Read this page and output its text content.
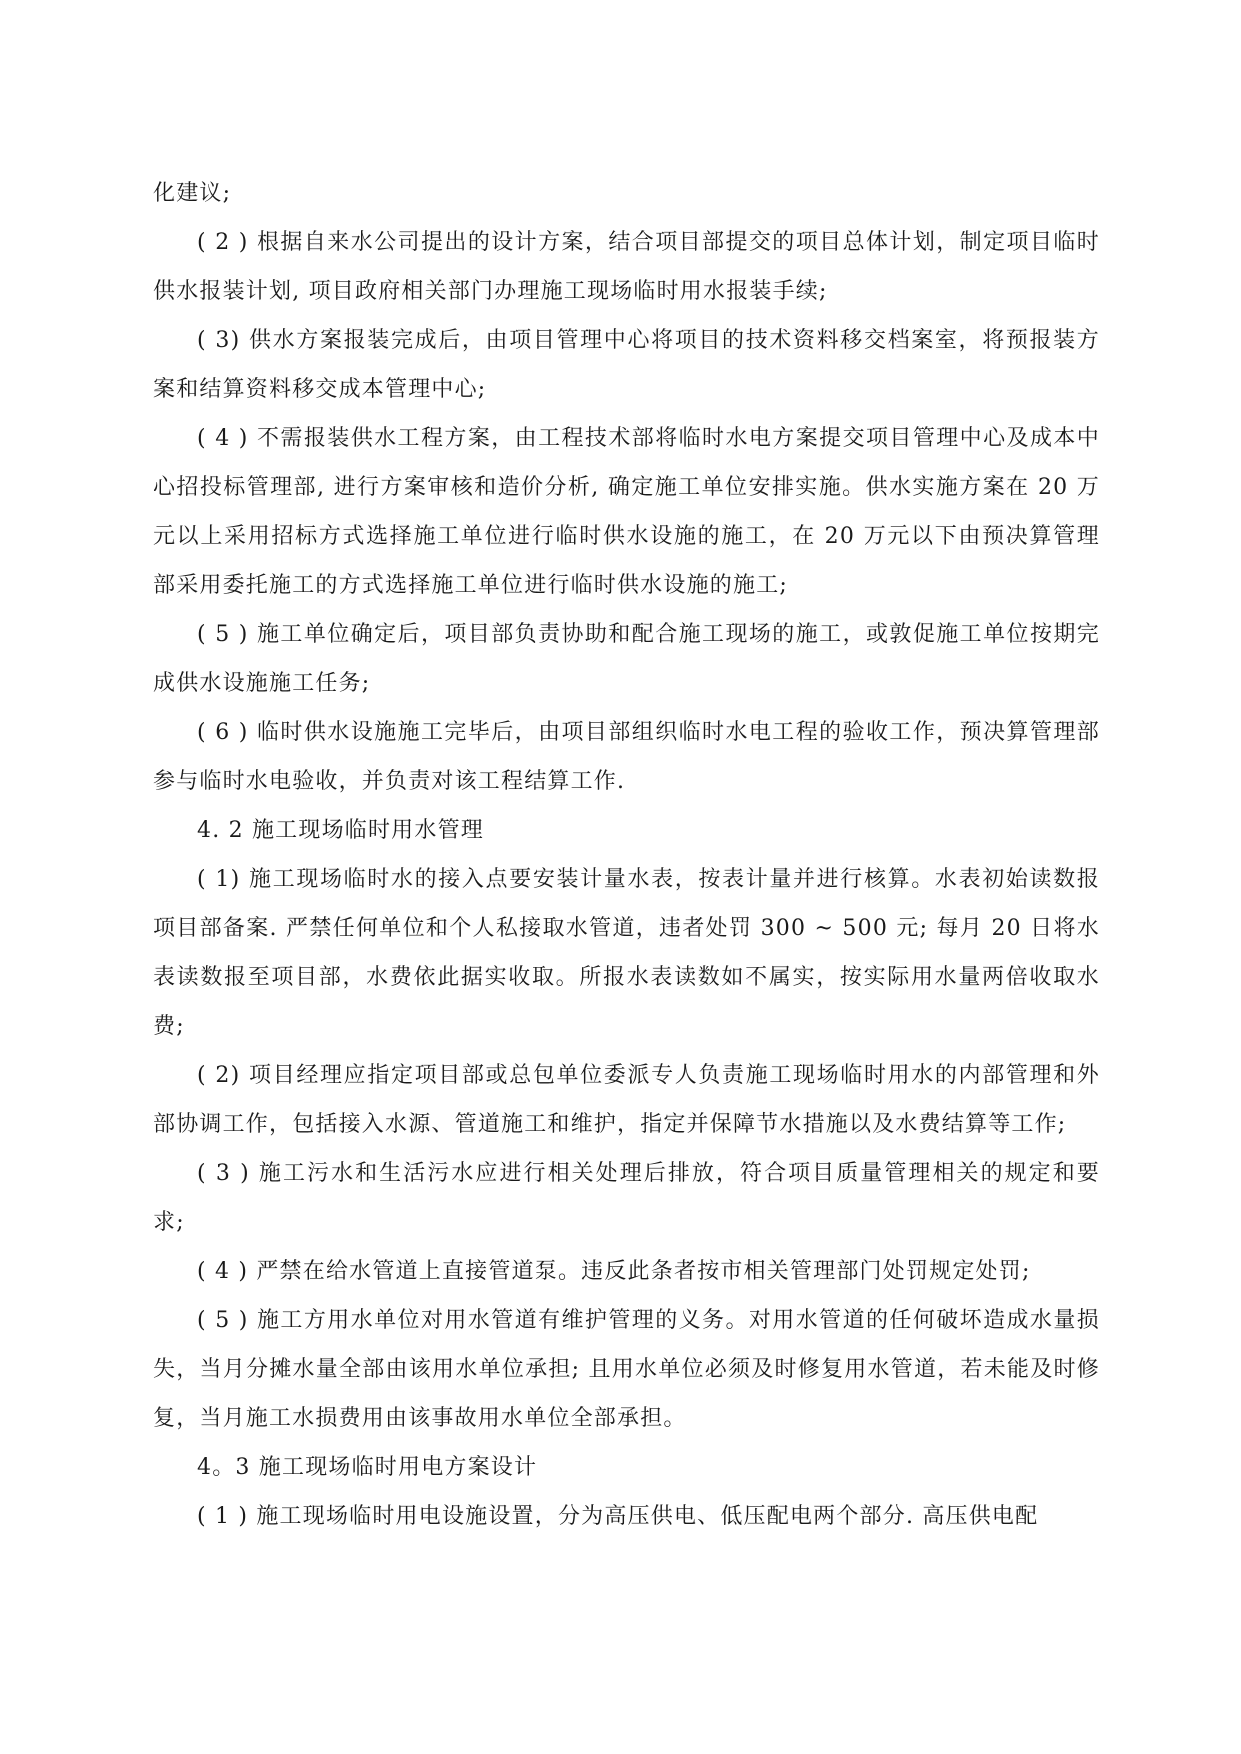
化建议;

( 2 ) 根据自来水公司提出的设计方案，结合项目部提交的项目总体计划，制定项目临时供水报装计划, 项目政府相关部门办理施工现场临时用水报装手续;

( 3) 供水方案报装完成后，由项目管理中心将项目的技术资料移交档案室，将预报装方案和结算资料移交成本管理中心;

( 4 ) 不需报装供水工程方案，由工程技术部将临时水电方案提交项目管理中心及成本中心招投标管理部, 进行方案审核和造价分析, 确定施工单位安排实施。供水实施方案在 20 万元以上采用招标方式选择施工单位进行临时供水设施的施工，在 20 万元以下由预决算管理部采用委托施工的方式选择施工单位进行临时供水设施的施工;

( 5 ) 施工单位确定后，项目部负责协助和配合施工现场的施工，或敦促施工单位按期完成供水设施施工任务;

( 6 ) 临时供水设施施工完毕后，由项目部组织临时水电工程的验收工作，预决算管理部参与临时水电验收，并负责对该工程结算工作.

4. 2 施工现场临时用水管理

( 1) 施工现场临时水的接入点要安装计量水表，按表计量并进行核算。水表初始读数报项目部备案. 严禁任何单位和个人私接取水管道，违者处罚 300 ~ 500 元; 每月 20 日将水表读数报至项目部，水费依此据实收取。所报水表读数如不属实，按实际用水量两倍收取水费;

( 2) 项目经理应指定项目部或总包单位委派专人负责施工现场临时用水的内部管理和外部协调工作，包括接入水源、管道施工和维护，指定并保障节水措施以及水费结算等工作;

( 3 ) 施工污水和生活污水应进行相关处理后排放，符合项目质量管理相关的规定和要求;

( 4 ) 严禁在给水管道上直接管道泵。违反此条者按市相关管理部门处罚规定处罚;

( 5 ) 施工方用水单位对用水管道有维护管理的义务。对用水管道的任何破坏造成水量损失，当月分摊水量全部由该用水单位承担; 且用水单位必须及时修复用水管道，若未能及时修复，当月施工水损费用由该事故用水单位全部承担。

4。3 施工现场临时用电方案设计

( 1 ) 施工现场临时用电设施设置，分为高压供电、低压配电两个部分. 高压供电配
